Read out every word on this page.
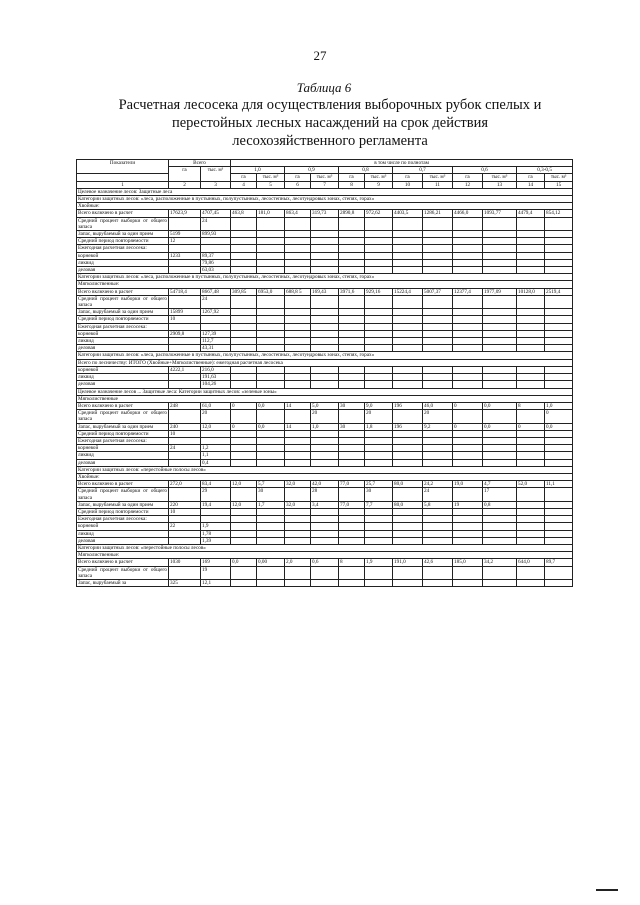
27
Таблица 6
Расчетная лесосека для осуществления выборочных рубок спелых и перестойных лесных насаждений на срок действия лесохозяйственного регламента
Показатели	Всего		в том числе по полнотам											
	га	тыс. м³	1,0		0,9		0,8		0,7		0,6		0,3-0,5	
			га	тыс. м³	га	тыс. м³	га	тыс. м³	га	тыс. м³	га	тыс. м³	га	тыс. м³
1	2	3	4	5	6	7	8	9	10	11	12	13	14	15
Целевое назначение лесов: Защитные леса														
Категории защитных лесов: «леса, расположенные в пустынных, полупустынных, лесостепных, лесотундровых зонах, степях, горах»														
Хвойные:														
Всего включено в расчет	17623,9	4707,45	463,8	181,0	863,4	319,73	2890,8	972,62	4403,5	1286,21	4466,0	1093,77	4479,4	854,12
Средний процент выборки от общего запаса		24												
Запас, вырубаемый за один прием	5199	899,93												
Средний период повторяемости	12													
Ежегодная расчетная лесосека:														
корневой	1233	89,37												
ликвид		79,86												
деловая		63,03												
Категории защитных лесов: «леса, расположенные в пустынных, полупустынных, лесостепных, лесотундровых зонах, степях, горах»														
Мягколиственные:														
Всего включено в расчет	54718,4	8667,48	309,85	6953,0	688,8 5	169,43	3971,6	929,16	15224,4	5007,37	12377,4	1977,09	10128,0	2519,4
Средний процент выборки от общего запаса		24												
Запас, вырубаемый за один прием	15899	1267,92												
Средний период повторяемости	10													
Ежегодная расчетная лесосека:														
корневой	2909,8	127,39												
ликвид		112,7												
деловая		43,31												
Категории защитных лесов: «леса, расположенные в пустынных, полупустынных, лесостепных, лесотундровых зонах, степях, горах»														
Всего по лесничеству: ИТОГО (Хвойные+Мягколиственные): ежегодная расчетная лесосека														
корневой	4222,1	216,0												
ликвид		191,63												
деловая		104,26												
Целевое назначение лесов ... Защитные леса: Категории защитных лесов: «зеленые зоны»														
Мягколиственные														
Всего включено в расчет	248	61,0	0	0,0	14	5,0	30	9,0	196	46,0	0	0,0	8	1,0
Средний процент выборки от общего запаса		20				20		20		20				0
Запас, вырубаемый за один прием	240	12,0	0	0,0	14	1,0	30	1,8	196	9,2	0	0,0	0	0,0
Средний период повторяемости	10													
Ежегодная расчетная лесосека:														
корневой	24	1,2												
ликвид		1,1												
деловая		0,4												
Категории защитных лесов: «перестойные полосы лесов»														
Хвойные:														
Всего включено в расчет	272,0	83,4	12,0	5,7	32,0	42,0	77,0	25,7	80,0	24,2	19,0	4,7	52,0	11,1
Средний процент выборки от общего запаса		29		30		28		30		24		17		
Запас, вырубаемый за один прием	220	19,4	12,0	1,7	32,0	3,4	77,0	7,7	80,0	5,8	19	0,8		
Средний период повторяемости	10													
Ежегодная расчетная лесосека:														
корневой	22	1,9												
ликвид		1,78												
деловая		1,39												
Категории защитных лесов: «перестойные полосы лесов»														
Мягколиственные:														
Всего включено в расчет	1030	169	0,0	0,00	2,0	0,6	8	1,9	191,0	42,6	185,0	34,2	644,0	89,7
Средний процент выборки от общего запаса		19												
Запас, вырубаемый за	325	12,1												
